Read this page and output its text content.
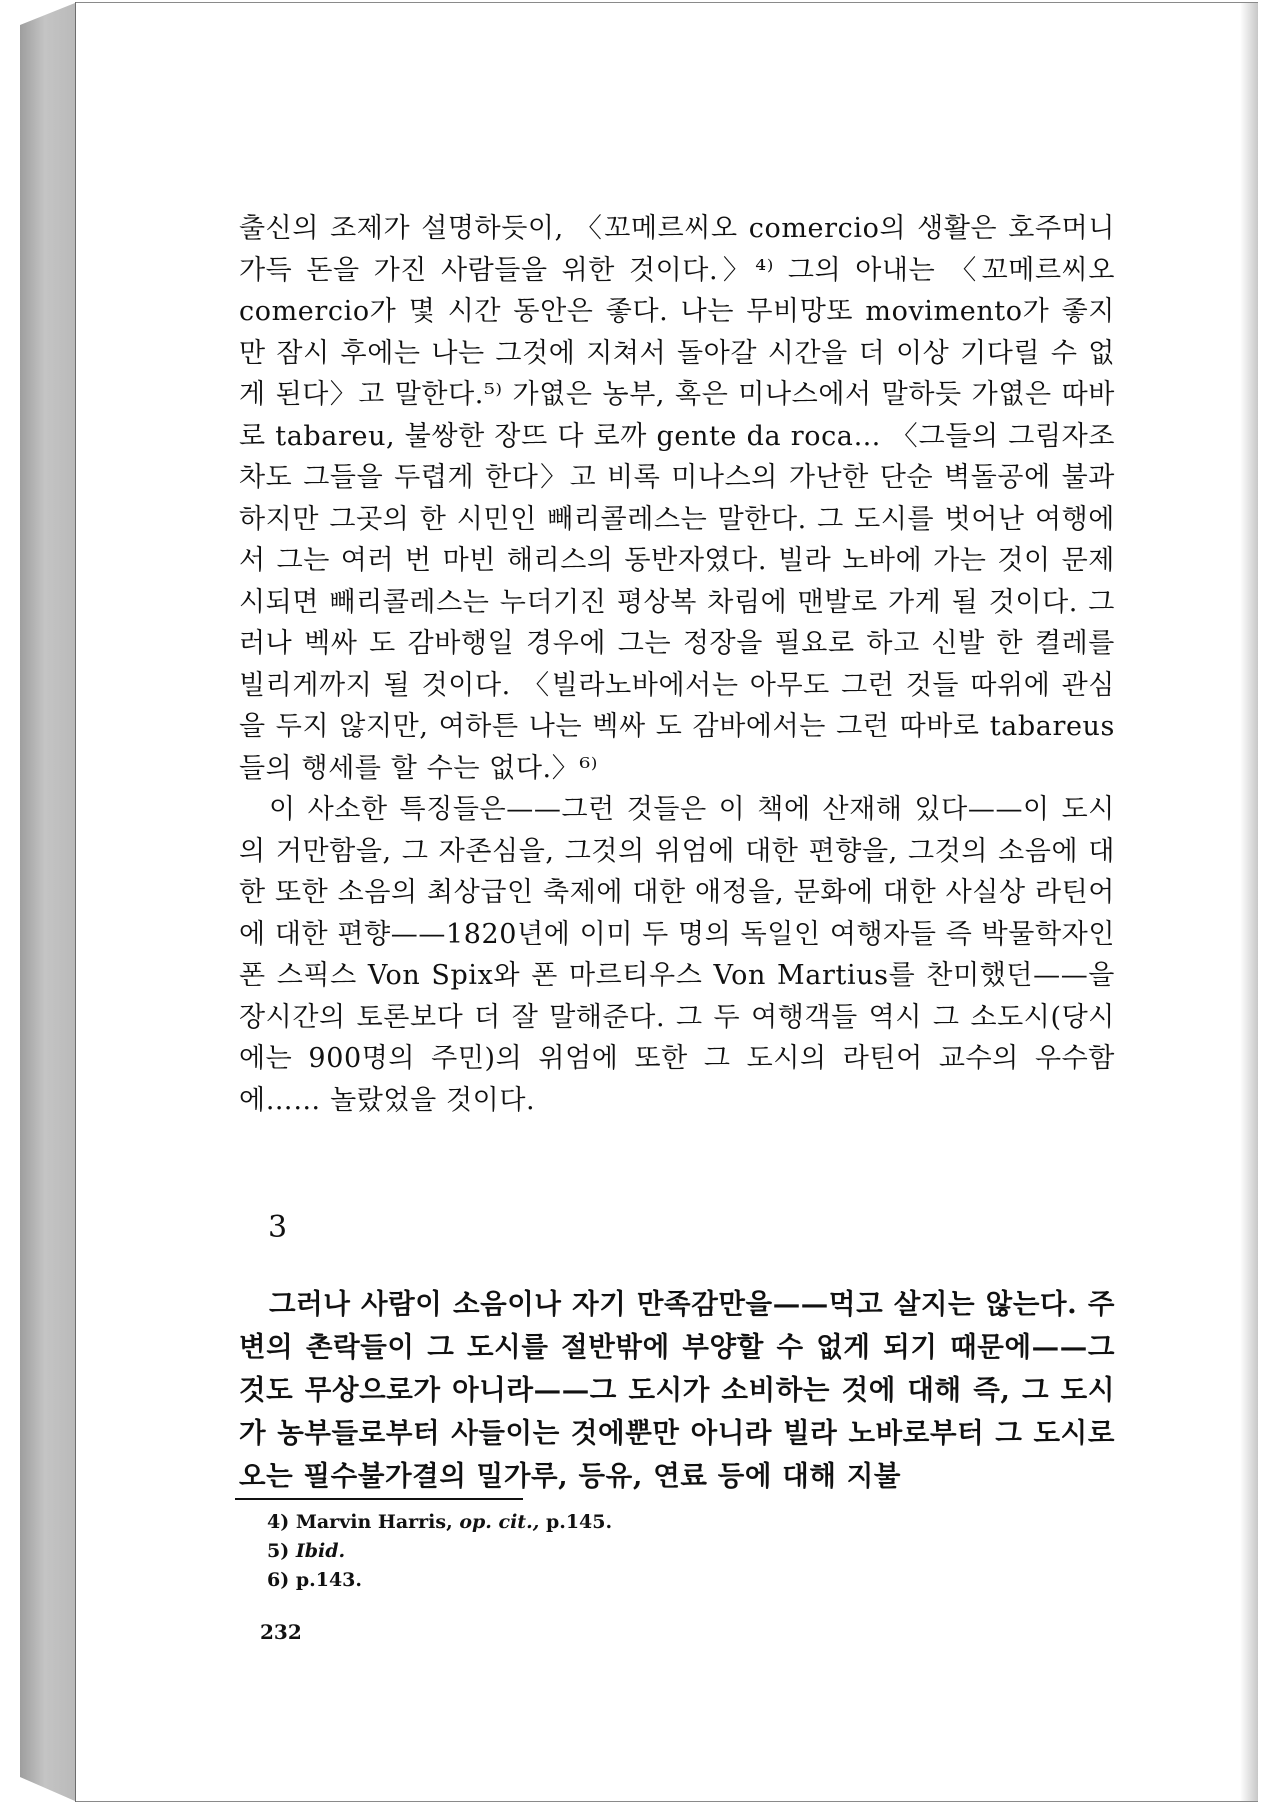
출신의 조제가 설명하듯이, 〈꼬메르씨오 comercio의 생활은 호주머니 가득 돈을 가진 사람들을 위한 것이다.〉⁴⁾ 그의 아내는 〈꼬메르씨오 comercio가 몇 시간 동안은 좋다. 나는 무비망또 movimento가 좋지만 잠시 후에는 나는 그것에 지쳐서 돌아갈 시간을 더 이상 기다릴 수 없게 된다〉고 말한다.⁵⁾ 가엾은 농부, 혹은 미나스에서 말하듯 가엾은 따바로 tabareu, 불쌍한 장뜨 다 로까 gente da roca… 〈그들의 그림자조차도 그들을 두렵게 한다〉고 비록 미나스의 가난한 단순 벽돌공에 불과하지만 그곳의 한 시민인 빼리콜레스는 말한다. 그 도시를 벗어난 여행에서 그는 여러 번 마빈 해리스의 동반자였다. 빌라 노바에 가는 것이 문제시되면 빼리콜레스는 누더기진 평상복 차림에 맨발로 가게 될 것이다. 그러나 벡싸 도 감바행일 경우에 그는 정장을 필요로 하고 신발 한 켤레를 빌리게까지 될 것이다. 〈빌라노바에서는 아무도 그런 것들 따위에 관심을 두지 않지만, 여하튼 나는 벡싸 도 감바에서는 그런 따바로 tabareus들의 행세를 할 수는 없다.〉⁶⁾

이 사소한 특징들은——그런 것들은 이 책에 산재해 있다——이 도시의 거만함을, 그 자존심을, 그것의 위엄에 대한 편향을, 그것의 소음에 대한 또한 소음의 최상급인 축제에 대한 애정을, 문화에 대한 사실상 라틴어에 대한 편향——1820년에 이미 두 명의 독일인 여행자들 즉 박물학자인 폰 스픽스 Von Spix와 폰 마르티우스 Von Martius를 찬미했던——을 장시간의 토론보다 더 잘 말해준다. 그 두 여행객들 역시 그 소도시(당시에는 900명의 주민)의 위엄에 또한 그 도시의 라틴어 교수의 우수함에…… 놀랐었을 것이다.

3

그러나 사람이 소음이나 자기 만족감만을——먹고 살지는 않는다. 주변의 촌락들이 그 도시를 절반밖에 부양할 수 없게 되기 때문에——그것도 무상으로가 아니라——그 도시가 소비하는 것에 대해 즉, 그 도시가 농부들로부터 사들이는 것에뿐만 아니라 빌라 노바로부터 그 도시로 오는 필수불가결의 밀가루, 등유, 연료 등에 대해 지불

4) Marvin Harris, op. cit., p.145.
5) Ibid.
6) p.143.
232
